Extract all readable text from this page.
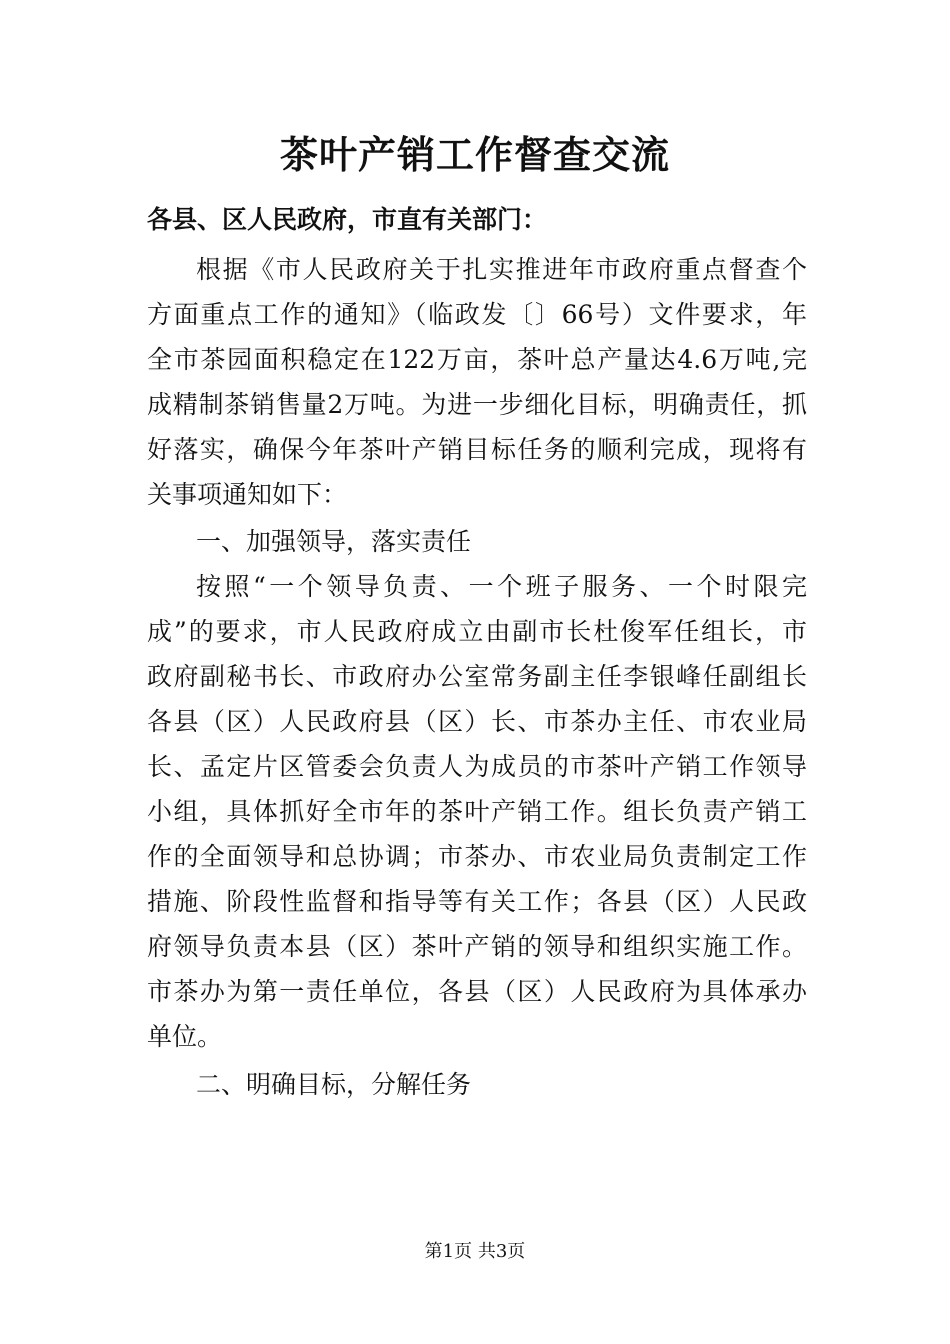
茶叶产销工作督查交流
各县、区人民政府，市直有关部门：
根据《市人民政府关于扎实推进年市政府重点督查个
方面重点工作的通知》（临政发〔〕66号）文件要求，年
全市茶园面积稳定在122万亩，茶叶总产量达4.6万吨,完
成精制茶销售量2万吨。为进一步细化目标，明确责任，抓
好落实，确保今年茶叶产销目标任务的顺利完成，现将有
关事项通知如下：
一、加强领导，落实责任
按照“一个领导负责、一个班子服务、一个时限完
成”的要求，市人民政府成立由副市长杜俊军任组长，市
政府副秘书长、市政府办公室常务副主任李银峰任副组长
各县（区）人民政府县（区）长、市茶办主任、市农业局
长、孟定片区管委会负责人为成员的市茶叶产销工作领导
小组，具体抓好全市年的茶叶产销工作。组长负责产销工
作的全面领导和总协调；市茶办、市农业局负责制定工作
措施、阶段性监督和指导等有关工作；各县（区）人民政
府领导负责本县（区）茶叶产销的领导和组织实施工作。
市茶办为第一责任单位，各县（区）人民政府为具体承办
单位。
二、明确目标，分解任务
第1页 共3页
